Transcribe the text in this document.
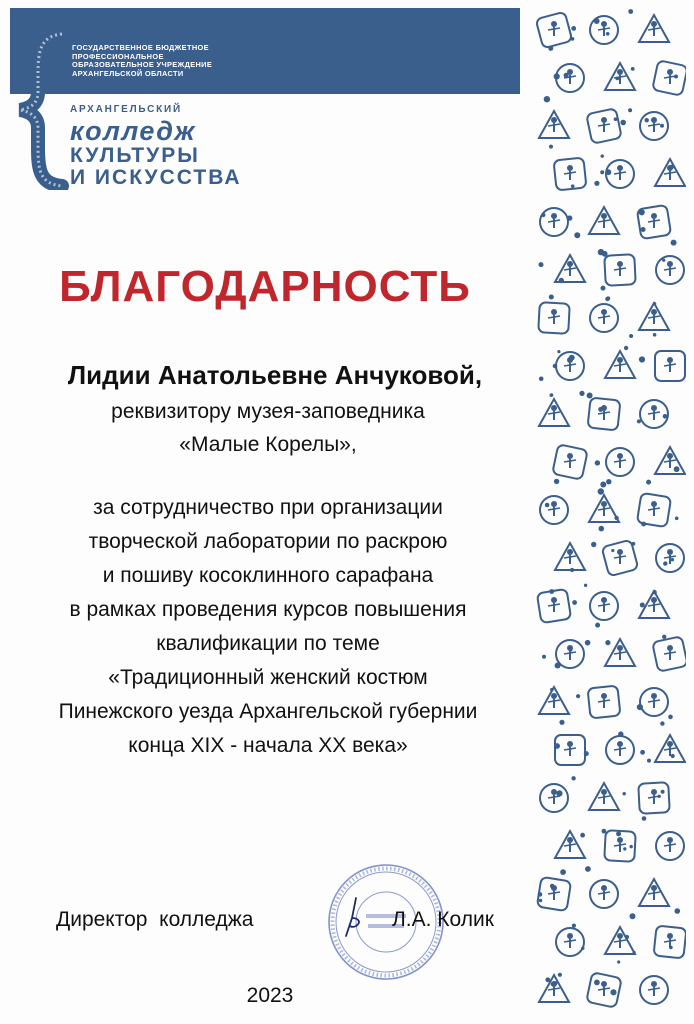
ГОСУДАРСТВЕННОЕ БЮДЖЕТНОЕ
ПРОФЕССИОНАЛЬНОЕ
ОБРАЗОВАТЕЛЬНОЕ УЧРЕЖДЕНИЕ
АРХАНГЕЛЬСКОЙ ОБЛАСТИ
АРХАНГЕЛЬСКИЙ
колледж
КУЛЬТУРЫ
И ИСКУССТВА
БЛАГОДАРНОСТЬ
Лидии Анатольевне Анчуковой,
реквизитору музея-заповедника
«Малые Корелы»,
за сотрудничество при организации
творческой лаборатории по раскрою
и пошиву косоклинного сарафана
в рамках проведения курсов повышения
квалификации по теме
«Традиционный женский костюм
Пинежского уезда Архангельской губернии
конца XIX - начала XX века»
Директор  колледжа	Л.А. Колик
2023
